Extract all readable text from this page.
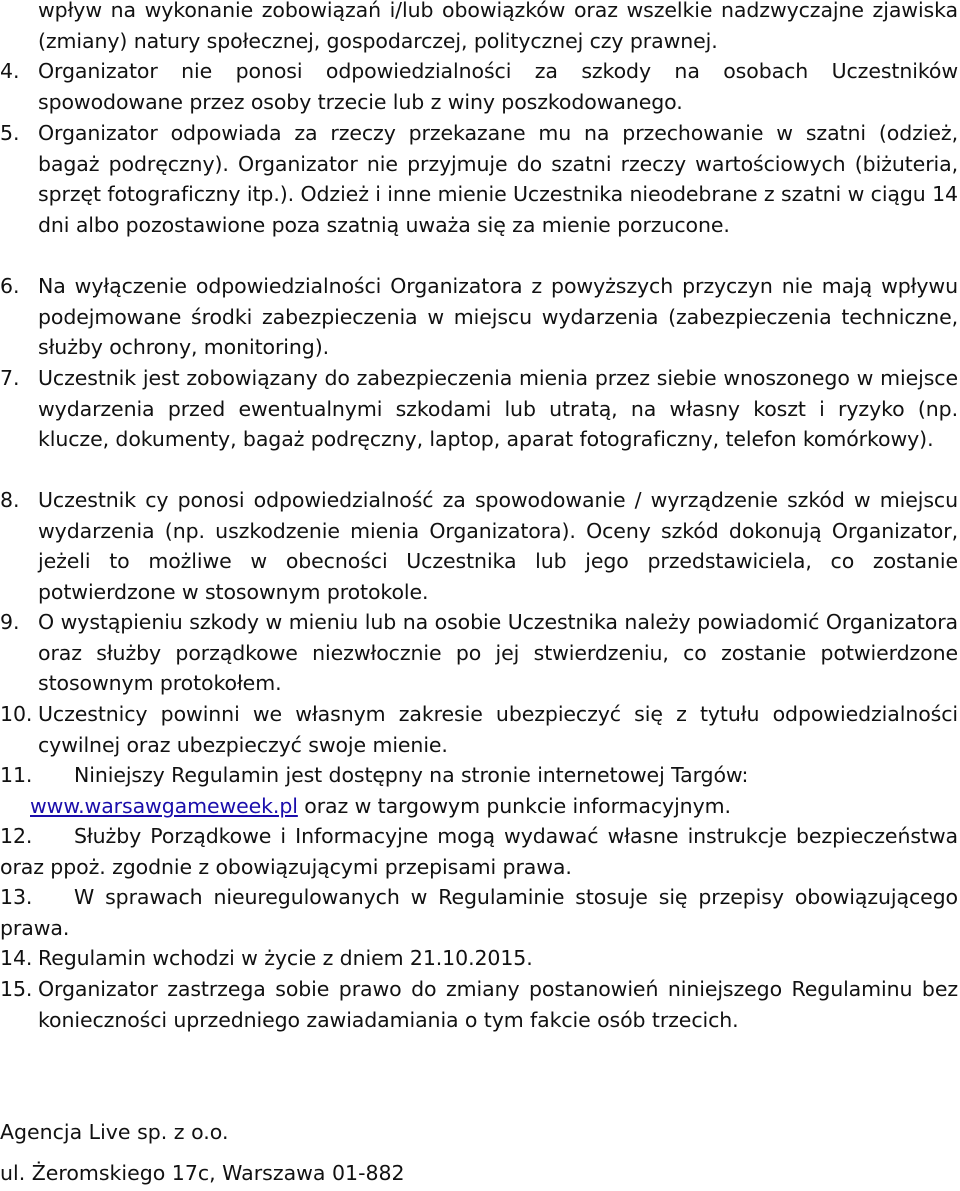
wpływ na wykonanie zobowiązań i/lub obowiązków oraz wszelkie nadzwyczajne zjawiska (zmiany) natury społecznej, gospodarczej, politycznej czy prawnej.
4. Organizator nie ponosi odpowiedzialności za szkody na osobach Uczestników spowodowane przez osoby trzecie lub z winy poszkodowanego.
5. Organizator odpowiada za rzeczy przekazane mu na przechowanie w szatni (odzież, bagaż podręczny). Organizator nie przyjmuje do szatni rzeczy wartościowych (biżuteria, sprzęt fotograficzny itp.). Odzież i inne mienie Uczestnika nieodebrane z szatni w ciągu 14 dni albo pozostawione poza szatnią uważa się za mienie porzucone.
6. Na wyłączenie odpowiedzialności Organizatora z powyższych przyczyn nie mają wpływu podejmowane środki zabezpieczenia w miejscu wydarzenia (zabezpieczenia techniczne, służby ochrony, monitoring).
7. Uczestnik jest zobowiązany do zabezpieczenia mienia przez siebie wnoszonego w miejsce wydarzenia przed ewentualnymi szkodami lub utratą, na własny koszt i ryzyko (np. klucze, dokumenty, bagaż podręczny, laptop, aparat fotograficzny, telefon komórkowy).
8. Uczestnik cy ponosi odpowiedzialność za spowodowanie / wyrządzenie szkód w miejscu wydarzenia (np. uszkodzenie mienia Organizatora). Oceny szkód dokonują Organizator, jeżeli to możliwe w obecności Uczestnika lub jego przedstawiciela, co zostanie potwierdzone w stosownym protokole.
9. O wystąpieniu szkody w mieniu lub na osobie Uczestnika należy powiadomić Organizatora oraz służby porządkowe niezwłocznie po jej stwierdzeniu, co zostanie potwierdzone stosownym protokołem.
10. Uczestnicy powinni we własnym zakresie ubezpieczyć się z tytułu odpowiedzialności cywilnej oraz ubezpieczyć swoje mienie.
11.	Niniejszy Regulamin jest dostępny na stronie internetowej Targów:
www.warsawgameweek.pl oraz w targowym punkcie informacyjnym.
12.	Służby Porządkowe i Informacyjne mogą wydawać własne instrukcje bezpieczeństwa oraz ppoż. zgodnie z obowiązującymi przepisami prawa.
13.	W sprawach nieuregulowanych w Regulaminie stosuje się przepisy obowiązującego prawa.
14. Regulamin wchodzi w życie z dniem 21.10.2015.
15. Organizator zastrzega sobie prawo do zmiany postanowień niniejszego Regulaminu bez konieczności uprzedniego zawiadamiania o tym fakcie osób trzecich.
Agencja Live sp. z o.o.
ul. Żeromskiego 17c, Warszawa 01-882
